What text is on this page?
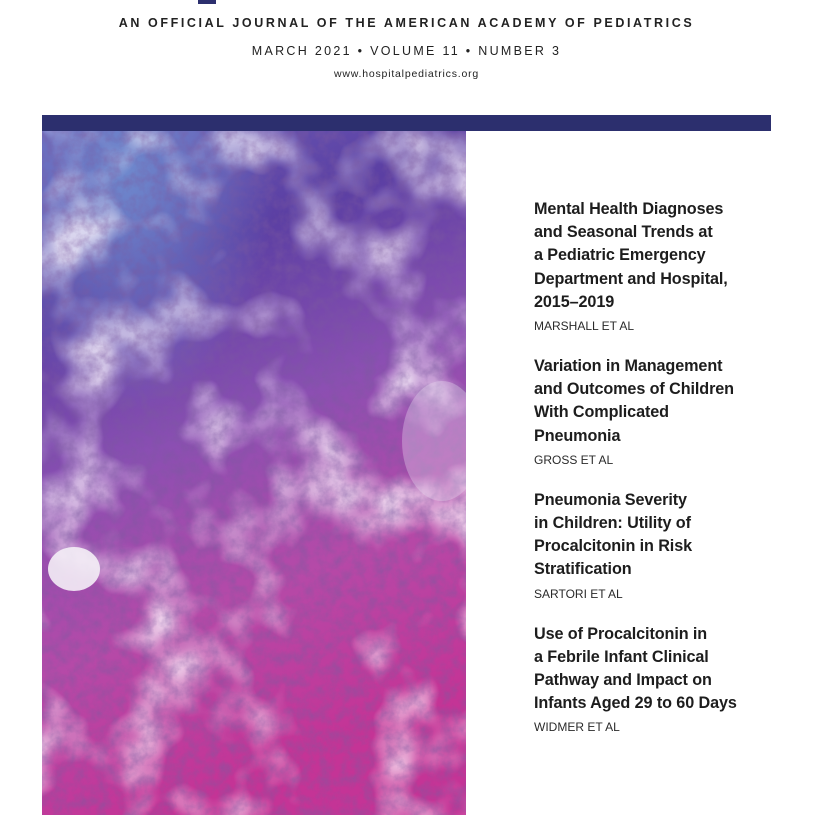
AN OFFICIAL JOURNAL OF THE AMERICAN ACADEMY OF PEDIATRICS
MARCH 2021 • VOLUME 11 • NUMBER 3
www.hospitalpediatrics.org
Mental Health Diagnoses
and Seasonal Trends at
a Pediatric Emergency
Department and Hospital,
2015–2019
MARSHALL ET AL
Variation in Management
and Outcomes of Children
With Complicated
Pneumonia
GROSS ET AL
Pneumonia Severity
in Children: Utility of
Procalcitonin in Risk
Stratification
SARTORI ET AL
Use of Procalcitonin in
a Febrile Infant Clinical
Pathway and Impact on
Infants Aged 29 to 60 Days
WIDMER ET AL
